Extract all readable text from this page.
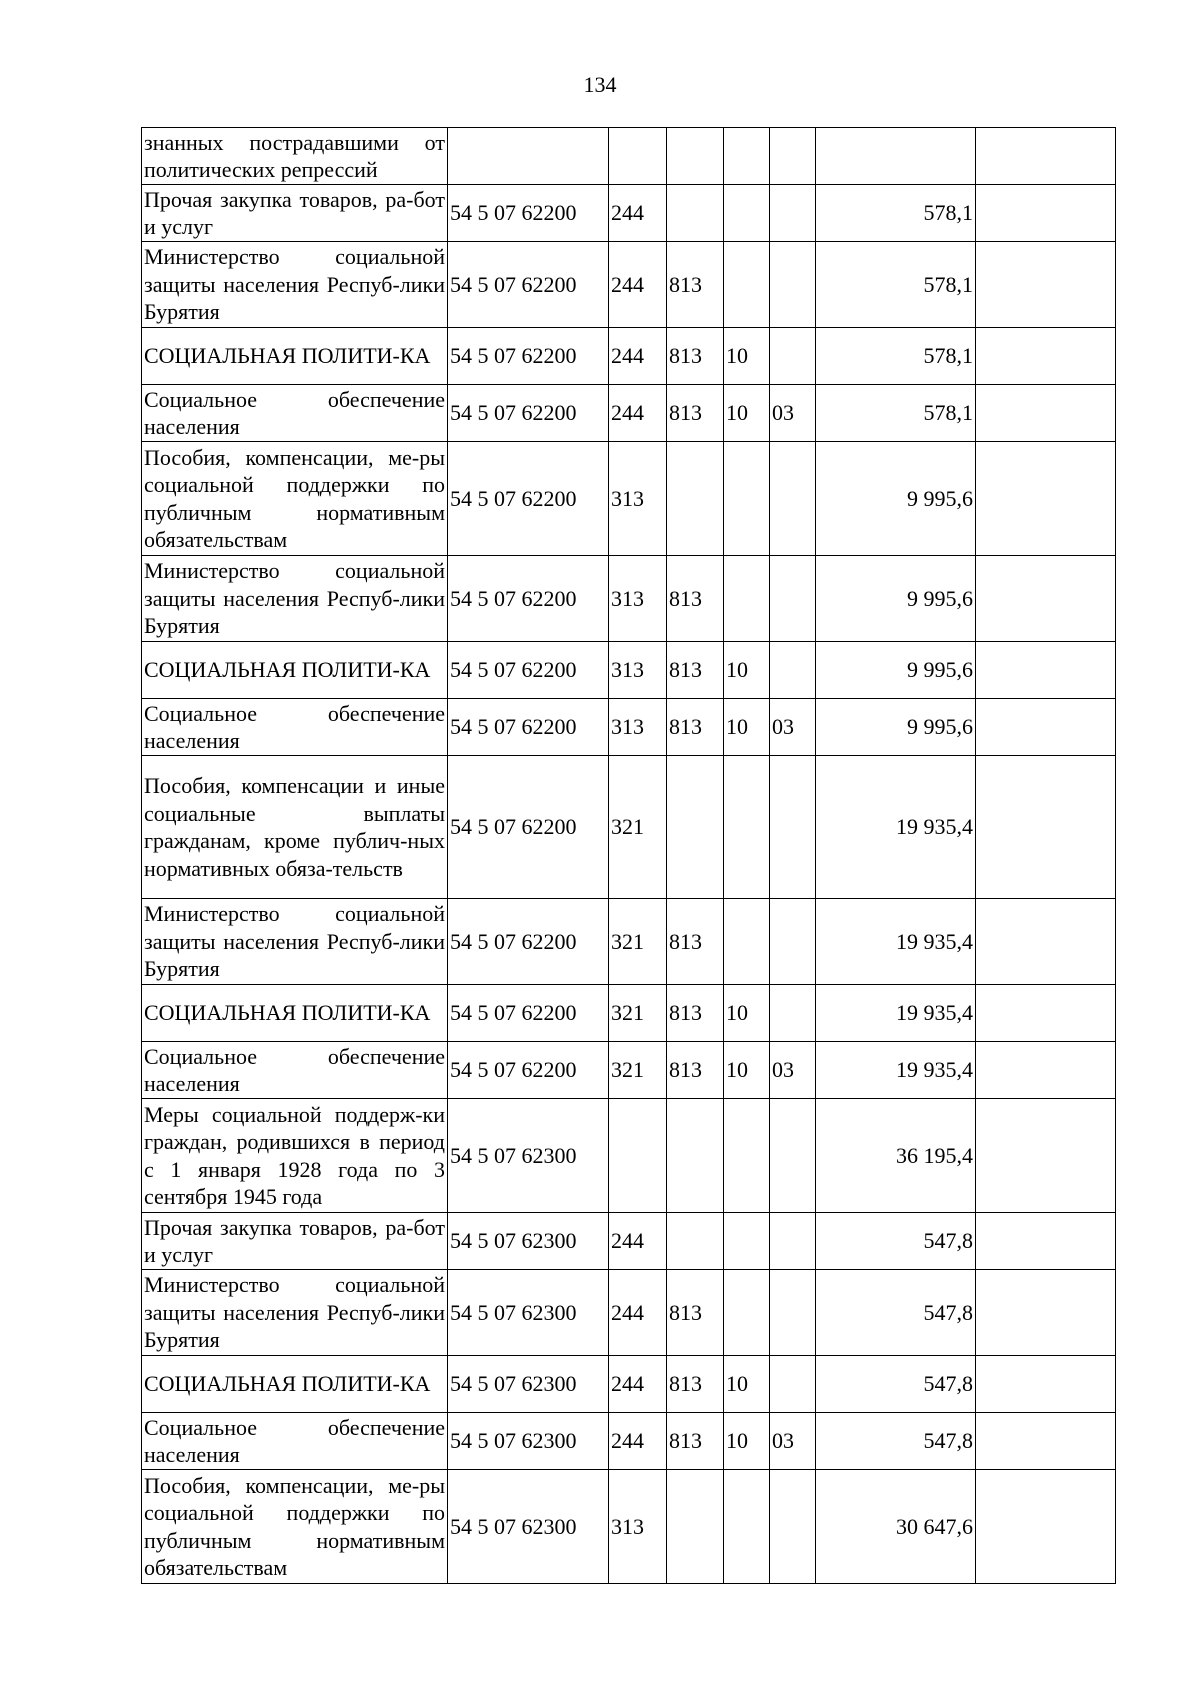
134
знанных пострадавшими от политических репрессий							
Прочая закупка товаров, ра-бот и услуг	54 5 07 62200	244				578,1	
Министерство социальной защиты населения Респуб-лики Бурятия	54 5 07 62200	244	813			578,1	
СОЦИАЛЬНАЯ ПОЛИТИ-КА	54 5 07 62200	244	813	10		578,1	
Социальное обеспечение населения	54 5 07 62200	244	813	10	03	578,1	
Пособия, компенсации, ме-ры социальной поддержки по публичным нормативным обязательствам	54 5 07 62200	313				9 995,6	
Министерство социальной защиты населения Респуб-лики Бурятия	54 5 07 62200	313	813			9 995,6	
СОЦИАЛЬНАЯ ПОЛИТИ-КА	54 5 07 62200	313	813	10		9 995,6	
Социальное обеспечение населения	54 5 07 62200	313	813	10	03	9 995,6	
Пособия, компенсации и иные социальные выплаты гражданам, кроме публич-ных нормативных обяза-тельств	54 5 07 62200	321				19 935,4	
Министерство социальной защиты населения Респуб-лики Бурятия	54 5 07 62200	321	813			19 935,4	
СОЦИАЛЬНАЯ ПОЛИТИ-КА	54 5 07 62200	321	813	10		19 935,4	
Социальное обеспечение населения	54 5 07 62200	321	813	10	03	19 935,4	
Меры социальной поддерж-ки граждан, родившихся в период с 1 января 1928 года по 3 сентября 1945 года	54 5 07 62300					36 195,4	
Прочая закупка товаров, ра-бот и услуг	54 5 07 62300	244				547,8	
Министерство социальной защиты населения Респуб-лики Бурятия	54 5 07 62300	244	813			547,8	
СОЦИАЛЬНАЯ ПОЛИТИ-КА	54 5 07 62300	244	813	10		547,8	
Социальное обеспечение населения	54 5 07 62300	244	813	10	03	547,8	
Пособия, компенсации, ме-ры социальной поддержки по публичным нормативным обязательствам	54 5 07 62300	313				30 647,6	
